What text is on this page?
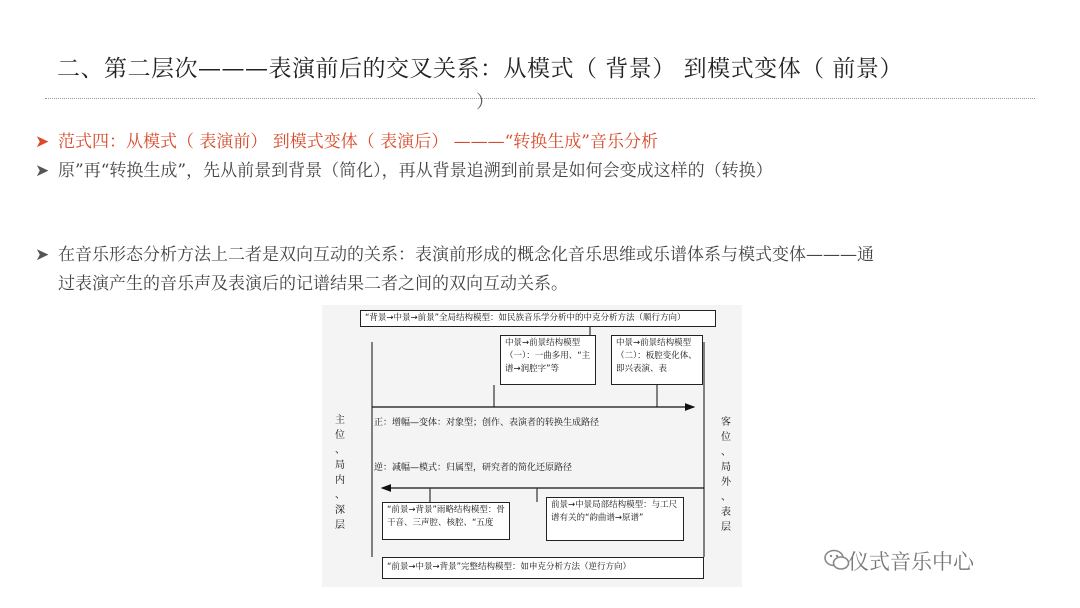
二、第二层次———表演前后的交叉关系：从模式（ 背景） 到模式变体（ 前景）
）
➤ 范式四：从模式（ 表演前） 到模式变体（ 表演后） ———“转换生成”音乐分析
➤ 原”再“转换生成”，先从前景到背景（简化），再从背景追溯到前景是如何会变成这样的（转换）
➤ 在音乐形态分析方法上二者是双向互动的关系：表演前形成的概念化音乐思维或乐谱体系与模式变体———通
过表演产生的音乐声及表演后的记谱结果二者之间的双向互动关系。
“背景→中景→前景”全局结构模型：如民族音乐学分析中的中克分析方法（顺行方向）
中景→前景结构模型（一）：一曲多用、“主谱→润腔字”等
中景→前景结构模型（二）：板腔变化体、即兴表演、表
正：增幅—变体：对象型；创作、表演者的转换生成路径
逆：减幅—模式：归属型，研究者的简化还原路径
“前景→背景”雨略结构模型：骨干音、三声腔、核腔、“五度
前景→中景局部结构模型：与工尺谱有关的“韵曲谱→原谱”
“前景→中景→背景”完整结构模型：如申克分析方法（逆行方向）
主
位
、
局
内
、
深
层
客
位
、
局
外
、
表
层
仪式音乐中心
